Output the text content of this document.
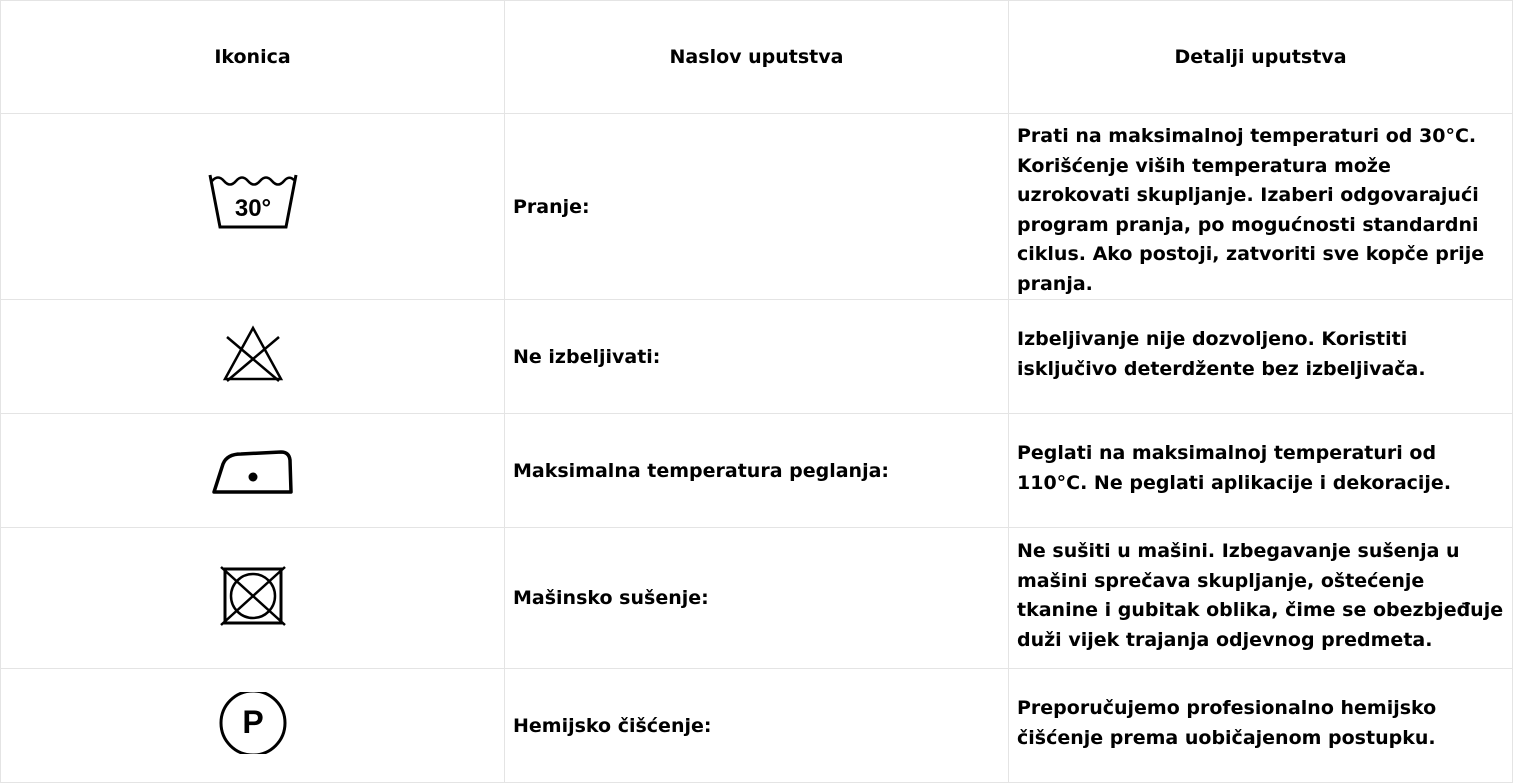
Ikonica	Naslov uputstva	Detalji uputstva

30°	Pranje:	Prati na maksimalnoj temperaturi od 30°C. Korišćenje viših temperatura može uzrokovati skupljanje. Izaberi odgovarajući program pranja, po mogućnosti standardni ciklus. Ako postoji, zatvoriti sve kopče prije pranja.

	Ne izbeljivati:	Izbeljivanje nije dozvoljeno. Koristiti isključivo deterdžente bez izbeljivača.

	Maksimalna temperatura peglanja:	Peglati na maksimalnoj temperaturi od 110°C. Ne peglati aplikacije i dekoracije.

	Mašinsko sušenje:	Ne sušiti u mašini. Izbegavanje sušenja u mašini sprečava skupljanje, oštećenje tkanine i gubitak oblika, čime se obezbjeđuje duži vijek trajanja odjevnog predmeta.

P	Hemijsko čišćenje:	Preporučujemo profesionalno hemijsko čišćenje prema uobičajenom postupku.
